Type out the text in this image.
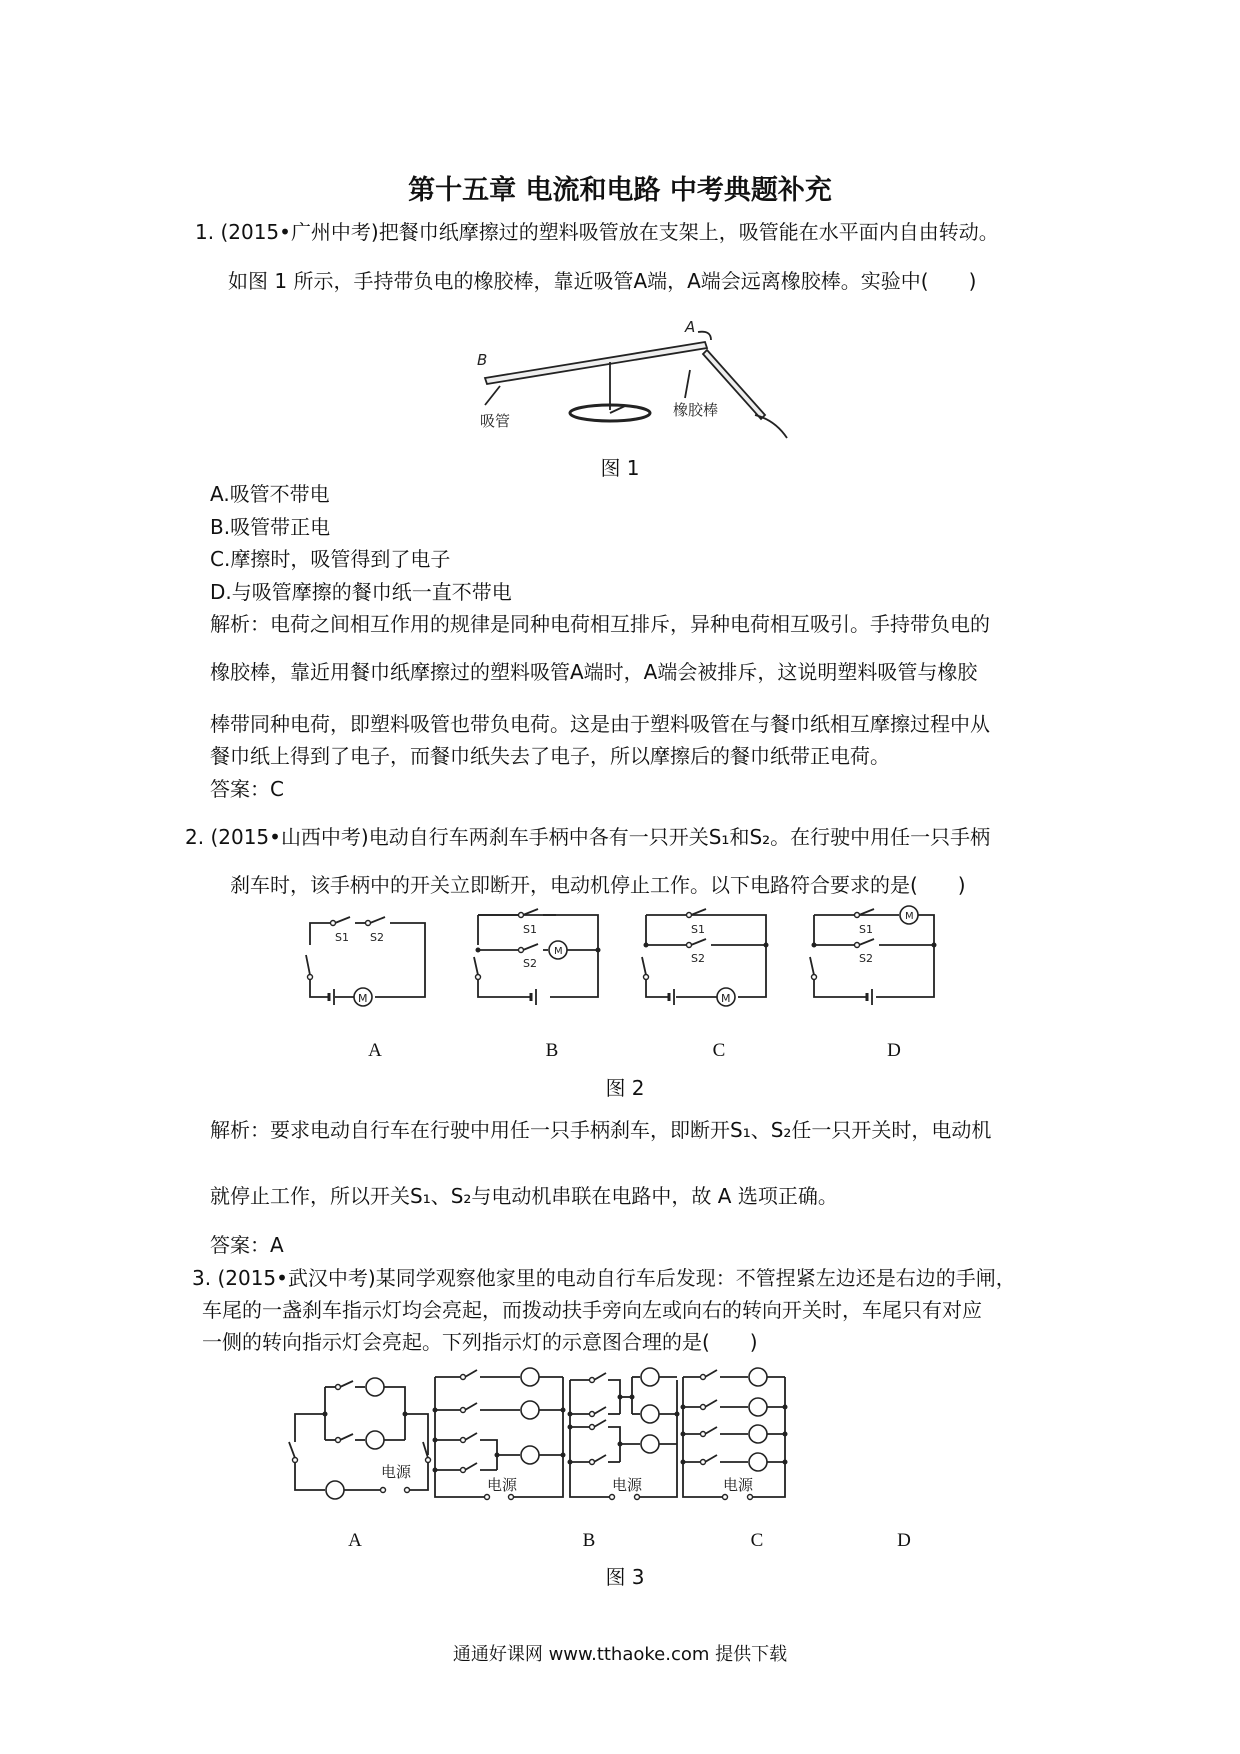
第十五章 电流和电路 中考典题补充
1. (2015•广州中考)把餐巾纸摩擦过的塑料吸管放在支架上，吸管能在水平面内自由转动。
如图 1 所示，手持带负电的橡胶棒，靠近吸管A端，A端会远离橡胶棒。实验中(　　)
A
B
吸管
橡胶棒
图 1
A.吸管不带电
B.吸管带正电
C.摩擦时，吸管得到了电子
D.与吸管摩擦的餐巾纸一直不带电
解析：电荷之间相互作用的规律是同种电荷相互排斥，异种电荷相互吸引。手持带负电的
橡胶棒，靠近用餐巾纸摩擦过的塑料吸管A端时，A端会被排斥，这说明塑料吸管与橡胶
棒带同种电荷，即塑料吸管也带负电荷。这是由于塑料吸管在与餐巾纸相互摩擦过程中从
餐巾纸上得到了电子，而餐巾纸失去了电子，所以摩擦后的餐巾纸带正电荷。
答案：C
2. (2015•山西中考)电动自行车两刹车手柄中各有一只开关S₁和S₂。在行驶中用任一只手柄
刹车时，该手柄中的开关立即断开，电动机停止工作。以下电路符合要求的是(　　)
M
S1 S2
S1
S2
M
M
S1
S2
M
S1
S2
A	B	C	D
图 2
解析：要求电动自行车在行驶中用任一只手柄刹车，即断开S₁、S₂任一只开关时，电动机
就停止工作，所以开关S₁、S₂与电动机串联在电路中，故 A 选项正确。
答案：A
3. (2015•武汉中考)某同学观察他家里的电动自行车后发现：不管捏紧左边还是右边的手闸，
车尾的一盏刹车指示灯均会亮起，而拨动扶手旁向左或向右的转向开关时，车尾只有对应
一侧的转向指示灯会亮起。下列指示灯的示意图合理的是(　　)
电源
电源	电源	电源
A	B	C	D
图 3
通通好课网 www.tthaoke.com 提供下载
